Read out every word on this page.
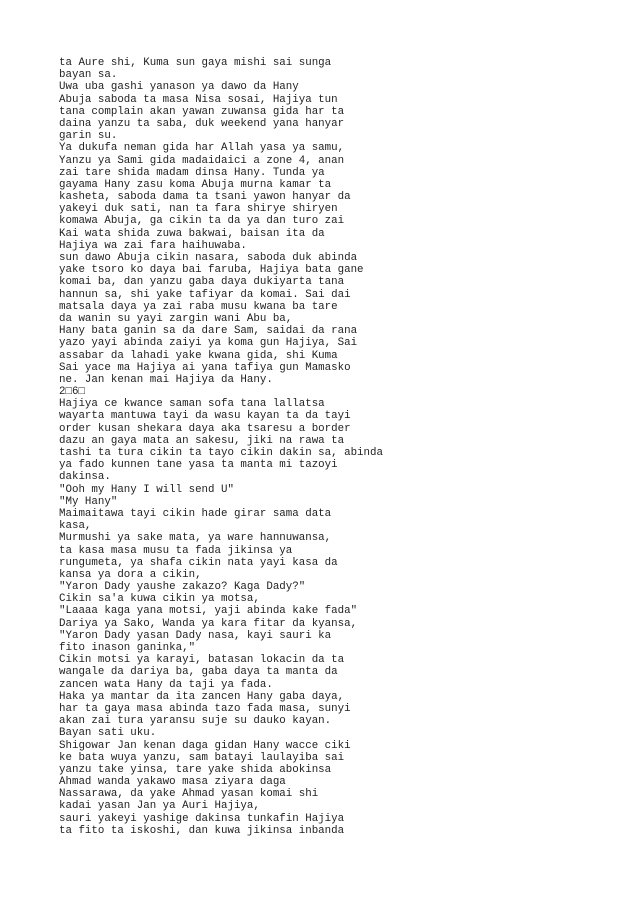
ta Aure shi, Kuma sun gaya mishi sai sunga
bayan sa.
Uwa uba gashi yanason ya dawo da Hany
Abuja saboda ta masa Nisa sosai, Hajiya tun
tana complain akan yawan zuwansa gida har ta
daina yanzu ta saba, duk weekend yana hanyar
garin su.
Ya dukufa neman gida har Allah yasa ya samu,
Yanzu ya Sami gida madaidaici a zone 4, anan
zai tare shida madam dinsa Hany. Tunda ya
gayama Hany zasu koma Abuja murna kamar ta
kasheta, saboda dama ta tsani yawon hanyar da
yakeyi duk sati, nan ta fara shirye shiryen
komawa Abuja, ga cikin ta da ya dan turo zai
Kai wata shida zuwa bakwai, baisan ita da
Hajiya wa zai fara haihuwaba.
sun dawo Abuja cikin nasara, saboda duk abinda
yake tsoro ko daya bai faruba, Hajiya bata gane
komai ba, dan yanzu gaba daya dukiyarta tana
hannun sa, shi yake tafiyar da komai. Sai dai
matsala daya ya zai raba musu kwana ba tare
da wanin su yayi zargin wani Abu ba,
Hany bata ganin sa da dare Sam, saidai da rana
yazo yayi abinda zaiyi ya koma gun Hajiya, Sai
assabar da lahadi yake kwana gida, shi Kuma
Sai yace ma Hajiya ai yana tafiya gun Mamasko
ne. Jan kenan mai Hajiya da Hany.
2□6□
Hajiya ce kwance saman sofa tana lallatsa
wayarta mantuwa tayi da wasu kayan ta da tayi
order kusan shekara daya aka tsaresu a border
dazu an gaya mata an sakesu, jiki na rawa ta
tashi ta tura cikin ta tayo cikin dakin sa, abinda
ya fado kunnen tane yasa ta manta mi tazoyi
dakinsa.
"Ooh my Hany I will send U"
"My Hany"
Maimaitawa tayi cikin hade girar sama data
kasa,
Murmushi ya sake mata, ya ware hannuwansa,
ta kasa masa musu ta fada jikinsa ya
rungumeta, ya shafa cikin nata yayi kasa da
kansa ya dora a cikin,
"Yaron Dady yaushe zakazo? Kaga Dady?"
Cikin sa'a kuwa cikin ya motsa,
"Laaaa kaga yana motsi, yaji abinda kake fada"
Dariya ya Sako, Wanda ya kara fitar da kyansa,
"Yaron Dady yasan Dady nasa, kayi sauri ka
fito inason ganinka,"
Cikin motsi ya karayi, batasan lokacin da ta
wangale da dariya ba, gaba daya ta manta da
zancen wata Hany da taji ya fada.
Haka ya mantar da ita zancen Hany gaba daya,
har ta gaya masa abinda tazo fada masa, sunyi
akan zai tura yaransu suje su dauko kayan.
Bayan sati uku.
Shigowar Jan kenan daga gidan Hany wacce ciki
ke bata wuya yanzu, sam batayi laulayiba sai
yanzu take yinsa, tare yake shida abokinsa
Ahmad wanda yakawo masa ziyara daga
Nassarawa, da yake Ahmad yasan komai shi
kadai yasan Jan ya Auri Hajiya,
sauri yakeyi yashige dakinsa tunkafin Hajiya
ta fito ta iskoshi, dan kuwa jikinsa inbanda
